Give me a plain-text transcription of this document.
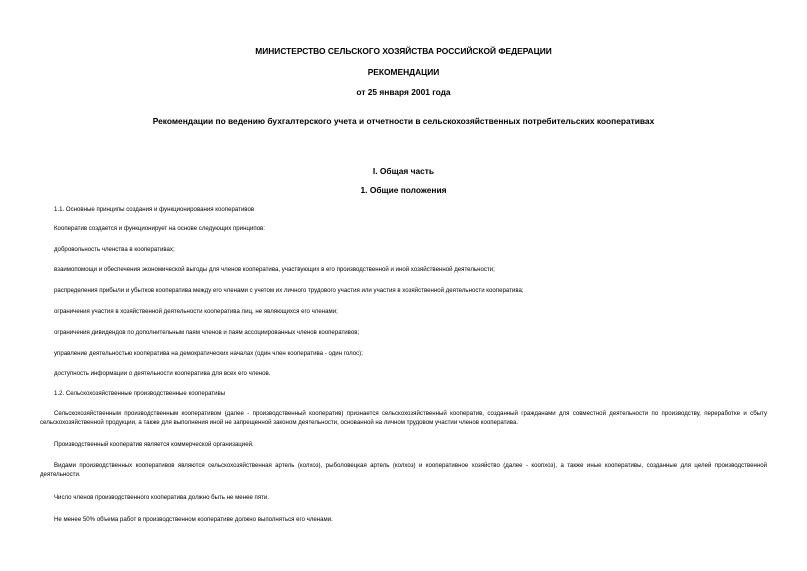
МИНИСТЕРСТВО СЕЛЬСКОГО ХОЗЯЙСТВА РОССИЙСКОЙ ФЕДЕРАЦИИ
РЕКОМЕНДАЦИИ
от 25 января 2001 года
Рекомендации по ведению бухгалтерского учета и отчетности в сельскохозяйственных потребительских кооперативах
I. Общая часть
1. Общие положения
1.1. Основные принципы создания и функционирования кооперативов
Кооператив создается и функционирует на основе следующих принципов:
добровольность членства в кооперативах;
взаимопомощи и обеспечения экономической выгоды для членов кооператива, участвующих в его производственной и иной хозяйственной деятельности;
распределения прибыли и убытков кооператива между его членами с учетом их личного трудового участия или участия в хозяйственной деятельности кооператива;
ограничения участия в хозяйственной деятельности кооператива лиц, не являющихся его членами;
ограничения дивидендов по дополнительным паям членов и паям ассоциированных членов кооперативов;
управление деятельностью кооператива на демократических началах (один член кооператива - один голос);
доступность информации о деятельности кооператива для всех его членов.
1.2. Сельскохозяйственные производственные кооперативы
Сельскохозяйственным производственным кооперативом (далее - производственный кооператив) признается сельскохозяйственный кооператив, созданный гражданами для совместной деятельности по производству, переработке и сбыту сельскохозяйственной продукции, а также для выполнения иной не запрещенной законом деятельности, основанной на личном трудовом участии членов кооператива.
Производственный кооператив является коммерческой организацией.
Видами производственных кооперативов являются сельскохозяйственная артель (колхоз), рыболовецкая артель (колхоз) и кооперативное хозяйство (далее - коопхоз), а также иные кооперативы, созданные для целей производственной деятельности.
Число членов производственного кооператива должно быть не менее пяти.
Не менее 50% объема работ в производственном кооперативе должно выполняться его членами.
